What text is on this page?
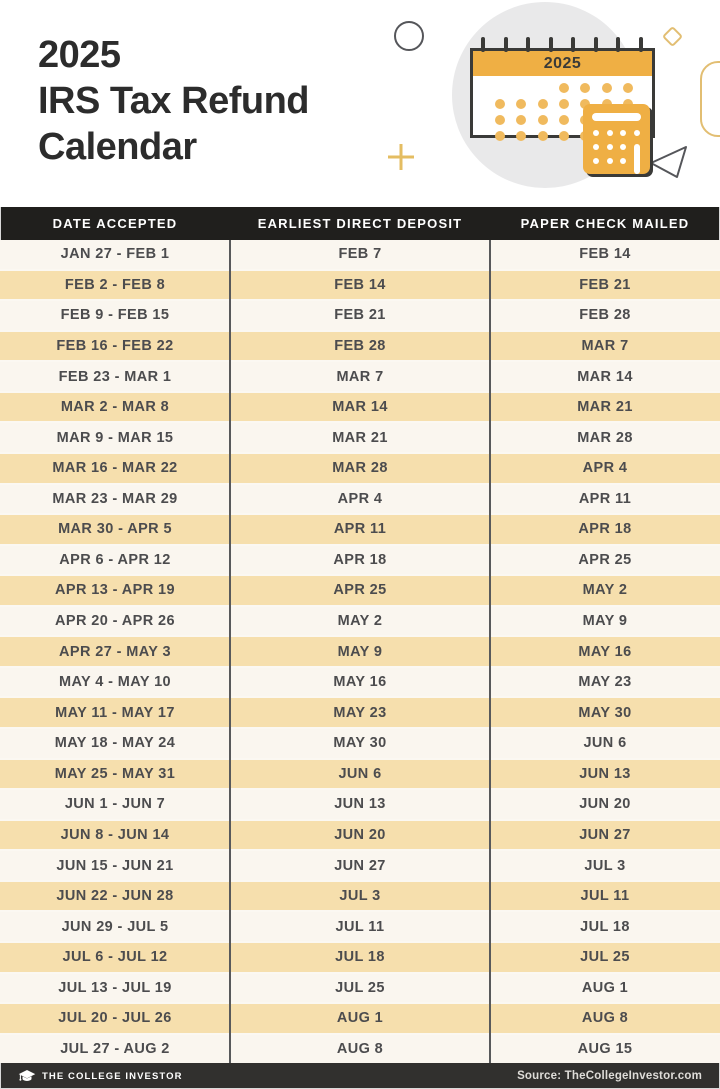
2025
IRS Tax Refund
Calendar
2025
DATE ACCEPTED	EARLIEST DIRECT DEPOSIT	PAPER CHECK MAILED
JAN 27 - FEB 1	FEB 7	FEB 14
FEB 2 - FEB 8	FEB 14	FEB 21
FEB 9 - FEB 15	FEB 21	FEB 28
FEB 16 - FEB 22	FEB 28	MAR 7
FEB 23 - MAR 1	MAR 7	MAR 14
MAR 2 - MAR 8	MAR 14	MAR 21
MAR 9 - MAR 15	MAR 21	MAR 28
MAR 16 - MAR 22	MAR 28	APR 4
MAR 23 - MAR 29	APR 4	APR 11
MAR 30 - APR 5	APR 11	APR 18
APR 6 - APR 12	APR 18	APR 25
APR 13 - APR 19	APR 25	MAY 2
APR 20 - APR 26	MAY 2	MAY 9
APR 27 - MAY 3	MAY 9	MAY 16
MAY 4 - MAY 10	MAY 16	MAY 23
MAY 11 - MAY 17	MAY 23	MAY 30
MAY 18 - MAY 24	MAY 30	JUN 6
MAY 25 - MAY 31	JUN 6	JUN 13
JUN 1 - JUN 7	JUN 13	JUN 20
JUN 8 - JUN 14	JUN 20	JUN 27
JUN 15 - JUN 21	JUN 27	JUL 3
JUN 22 - JUN 28	JUL 3	JUL 11
JUN 29 - JUL 5	JUL 11	JUL 18
JUL 6 - JUL 12	JUL 18	JUL 25
JUL 13 - JUL 19	JUL 25	AUG 1
JUL 20 - JUL 26	AUG 1	AUG 8
JUL 27 - AUG 2	AUG 8	AUG 15
THE COLLEGE INVESTOR	Source: TheCollegeInvestor.com
